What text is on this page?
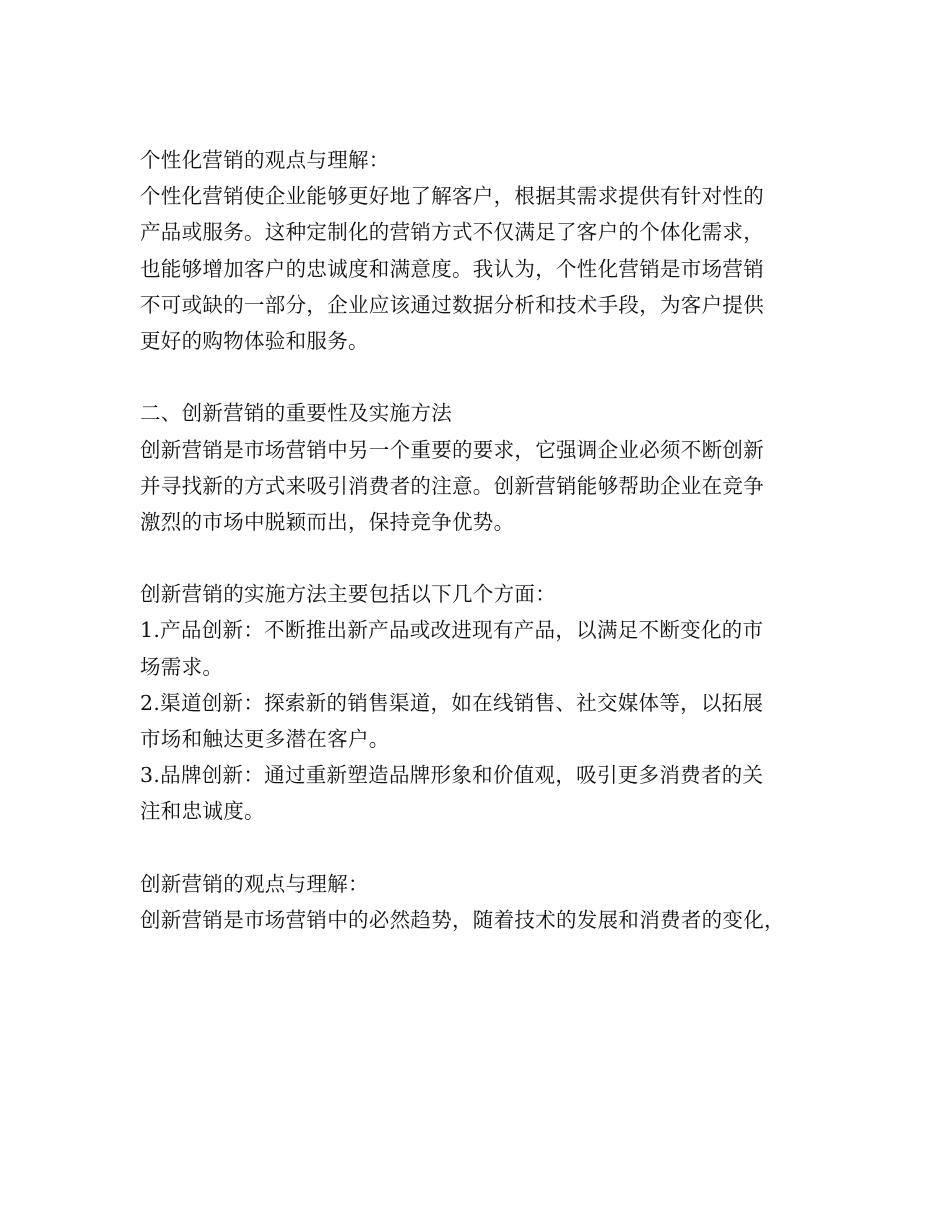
个性化营销的观点与理解：
个性化营销使企业能够更好地了解客户，根据其需求提供有针对性的
产品或服务。这种定制化的营销方式不仅满足了客户的个体化需求，
也能够增加客户的忠诚度和满意度。我认为，个性化营销是市场营销
不可或缺的一部分，企业应该通过数据分析和技术手段，为客户提供
更好的购物体验和服务。
二、创新营销的重要性及实施方法
创新营销是市场营销中另一个重要的要求，它强调企业必须不断创新
并寻找新的方式来吸引消费者的注意。创新营销能够帮助企业在竞争
激烈的市场中脱颖而出，保持竞争优势。
创新营销的实施方法主要包括以下几个方面：
1.产品创新：不断推出新产品或改进现有产品，以满足不断变化的市
场需求。
2.渠道创新：探索新的销售渠道，如在线销售、社交媒体等，以拓展
市场和触达更多潜在客户。
3.品牌创新：通过重新塑造品牌形象和价值观，吸引更多消费者的关
注和忠诚度。
创新营销的观点与理解：
创新营销是市场营销中的必然趋势，随着技术的发展和消费者的变化，
